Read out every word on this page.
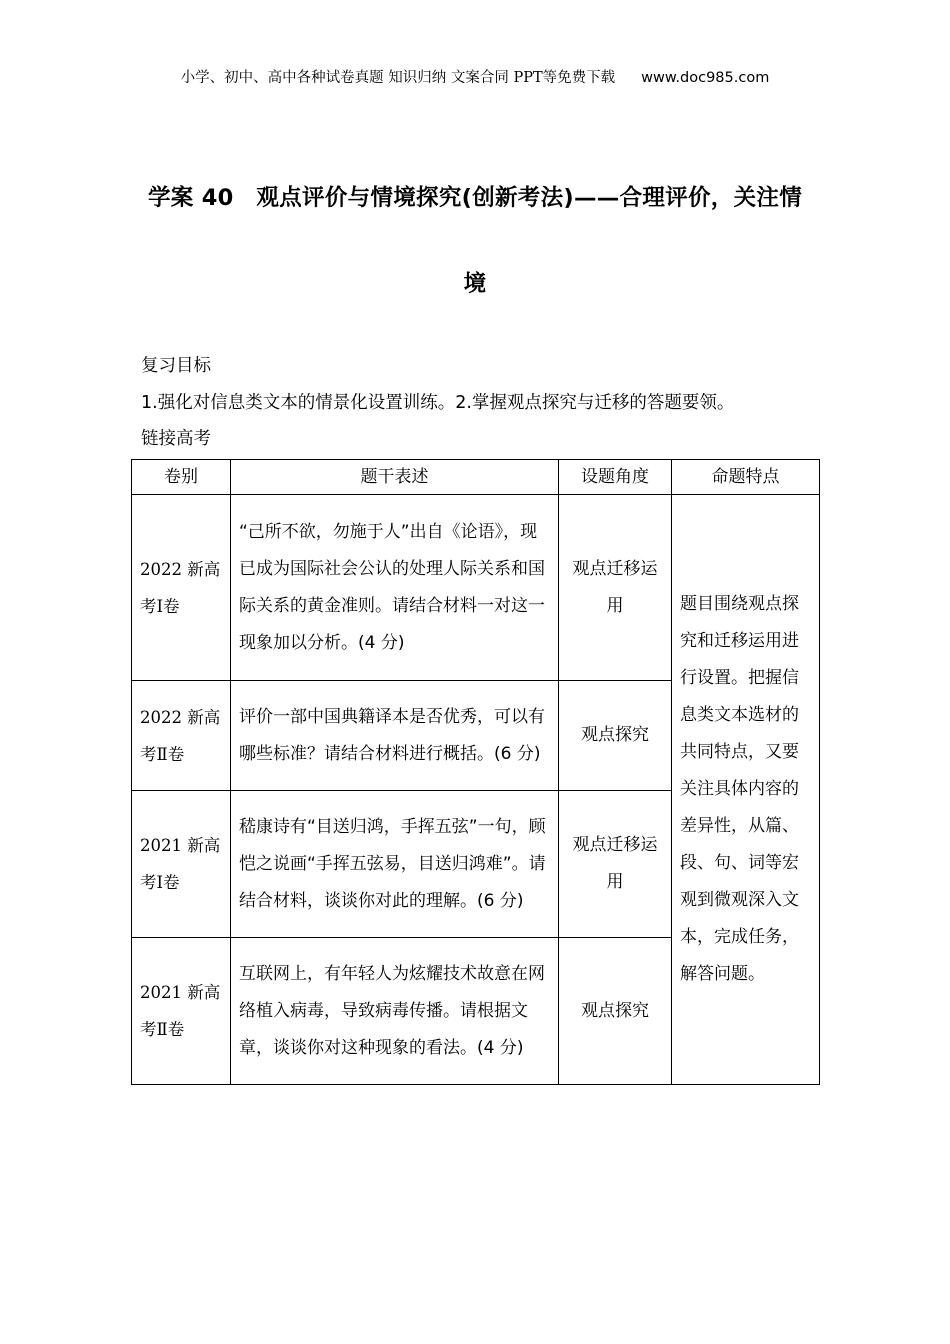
小学、初中、高中各种试卷真题 知识归纳 文案合同 PPT等免费下载 www.doc985.com
学案 40　观点评价与情境探究(创新考法)——合理评价，关注情
境
复习目标
1.强化对信息类文本的情景化设置训练。2.掌握观点探究与迁移的答题要领。
链接高考
卷别	题干表述	设题角度	命题特点
2022 新高考Ⅰ卷	“己所不欲，勿施于人”出自《论语》，现已成为国际社会公认的处理人际关系和国际关系的黄金准则。请结合材料一对这一现象加以分析。(4 分)	观点迁移运用	题目围绕观点探究和迁移运用进行设置。把握信息类文本选材的共同特点，又要关注具体内容的差异性，从篇、段、句、词等宏观到微观深入文本，完成任务，解答问题。
2022 新高考Ⅱ卷	评价一部中国典籍译本是否优秀，可以有哪些标准？请结合材料进行概括。(6 分)	观点探究	
2021 新高考Ⅰ卷	嵇康诗有“目送归鸿，手挥五弦”一句，顾恺之说画“手挥五弦易，目送归鸿难”。请结合材料，谈谈你对此的理解。(6 分)	观点迁移运用	
2021 新高考Ⅱ卷	互联网上，有年轻人为炫耀技术故意在网络植入病毒，导致病毒传播。请根据文章，谈谈你对这种现象的看法。(4 分)	观点探究	
